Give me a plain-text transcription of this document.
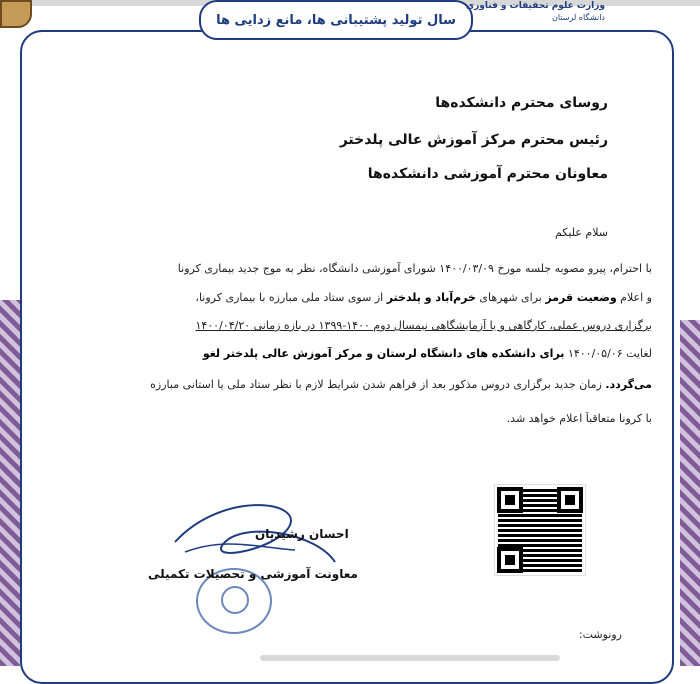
سال تولید پشتیبانی ها، مانع زدایی ها
وزارت علوم تحقیقات و فناوری
دانشگاه لرستان
روسای محترم دانشکده‌ها
رئیس محترم مرکز آموزش عالی پلدختر
معاونان محترم آموزشی دانشکده‌ها
سلام علیکم
با احترام، پیرو مصوبه جلسه مورخ ۱۴۰۰/۰۳/۰۹ شورای آموزشی دانشگاه، نظر به موج جدید بیماری کرونا
و اعلام وضعیت قرمز برای شهرهای خرم‌آباد و پلدختر از سوی ستاد ملی مبارزه با بیماری کرونا،
برگزاری دروس عملی، کارگاهی و یا آزمایشگاهی نیمسال دوم ۱۴۰۰-۱۳۹۹ در بازه زمانی ۱۴۰۰/۰۴/۲۰
لغایت ۱۴۰۰/۰۵/۰۶ برای دانشکده های دانشگاه لرستان و مرکز آموزش عالی پلدختر لغو
می‌گردد. زمان جدید برگزاری دروس مذکور بعد از فراهم شدن شرایط لازم با نظر ستاد ملی یا استانی مبارزه
با کرونا متعاقباً اعلام خواهد شد.
احسان رشیدیان
معاونت آموزشی و تحصیلات تکمیلی
رونوشت:
